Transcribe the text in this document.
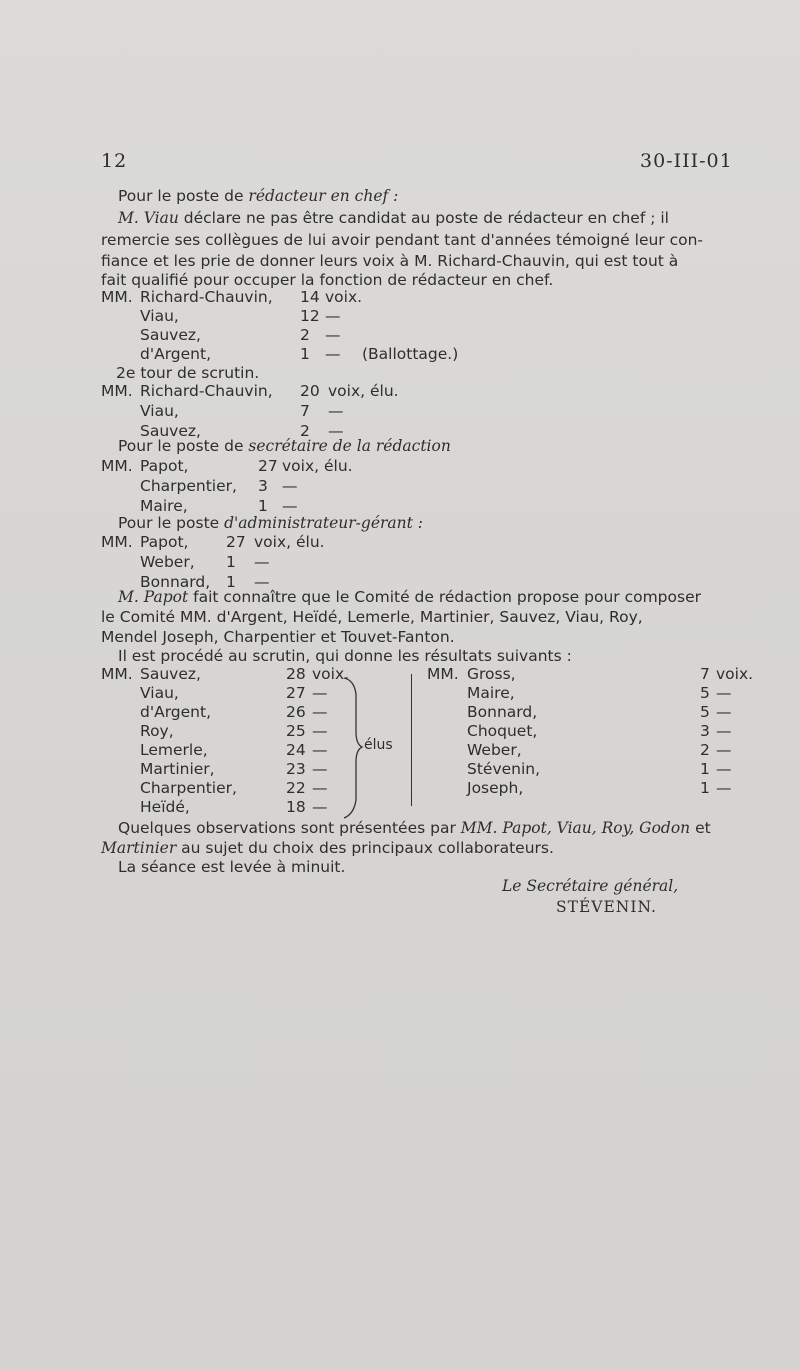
12	30-III-01
Pour le poste de rédacteur en chef :
M. Viau déclare ne pas être candidat au poste de rédacteur en chef ; il
remercie ses collègues de lui avoir pendant tant d'années témoigné leur con-
fiance et les prie de donner leurs voix à M. Richard-Chauvin, qui est tout à
fait qualifié pour occuper la fonction de rédacteur en chef.
MM. Richard-Chauvin, 14 voix.
Viau,	12 —
Sauvez,	2 —
d'Argent,	1 — (Ballottage.)
2e tour de scrutin.
MM. Richard-Chauvin, 20 voix, élu.
Viau,	7 —
Sauvez,	2 —
Pour le poste de secrétaire de la rédaction
MM. Papot,	27 voix, élu.
Charpentier, 3 —
Maire,	1 —
Pour le poste d'administrateur-gérant :
MM. Papot, 27 voix, élu.
Weber, 1 —
Bonnard, 1 —
M. Papot fait connaître que le Comité de rédaction propose pour composer
le Comité MM. d'Argent, Heïdé, Lemerle, Martinier, Sauvez, Viau, Roy,
Mendel Joseph, Charpentier et Touvet-Fanton.
Il est procédé au scrutin, qui donne les résultats suivants :
MM. Sauvez,	28 voix.
Viau,	27 —
d'Argent,	26 —
Roy,	25 —
Lemerle,	24 —
Martinier,	23 —
Charpentier,	22 —
Heïdé,	18 —
élus
MM. Gross,	7 voix.
Maire,	5 —
Bonnard,	5 —
Choquet,	3 —
Weber,	2 —
Stévenin,	1 —
Joseph,	1 —
Quelques observations sont présentées par MM. Papot, Viau, Roy, Godon et
Martinier au sujet du choix des principaux collaborateurs.
La séance est levée à minuit.
Le Secrétaire général,
STÉVENIN.
